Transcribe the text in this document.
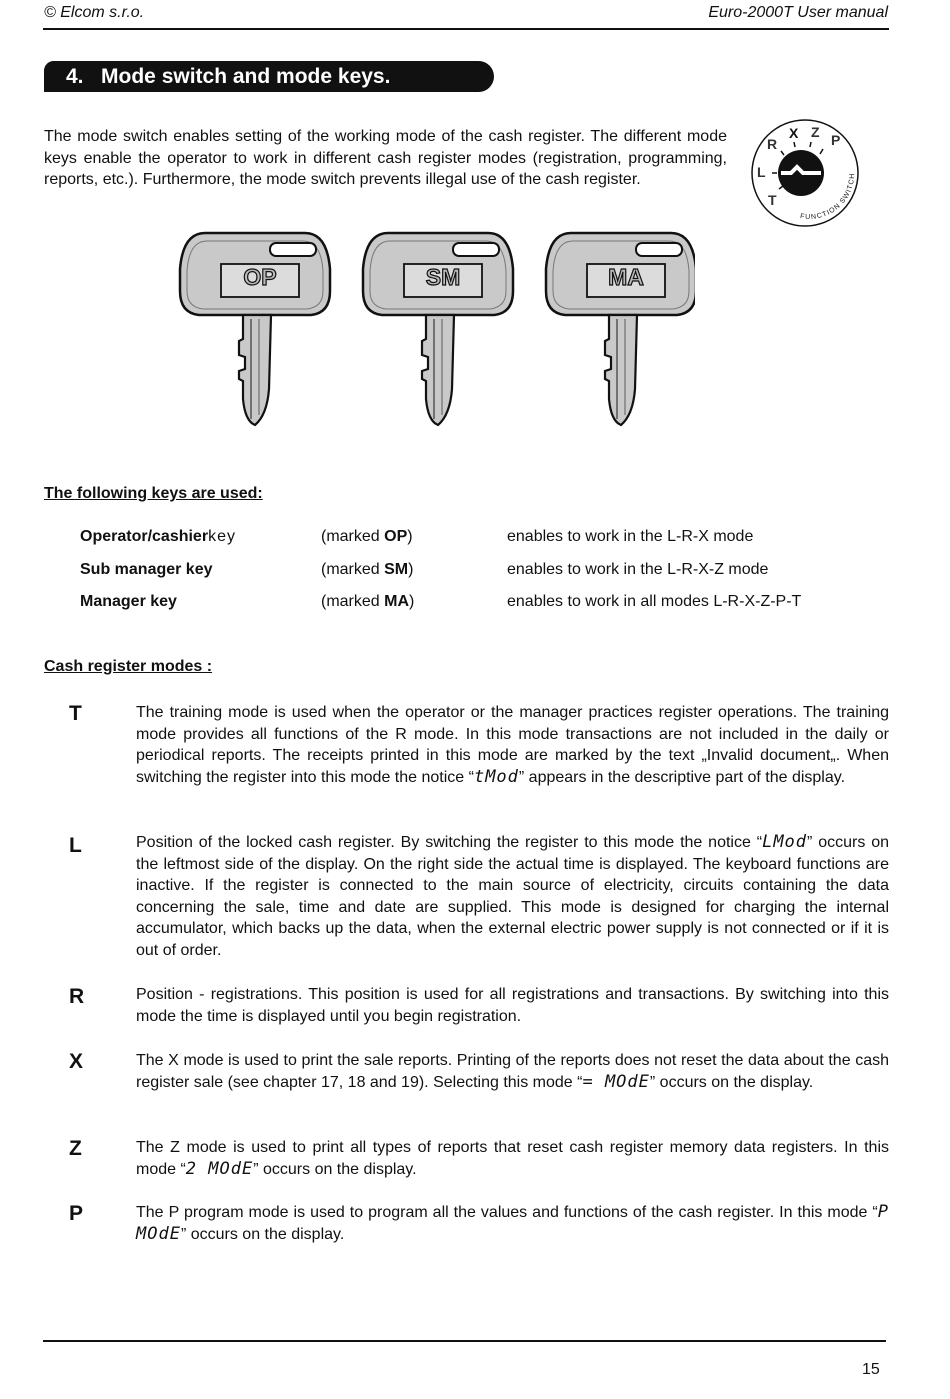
© Elcom s.r.o.	Euro-2000T User manual
4. Mode switch and mode keys.
The mode switch enables setting of the working mode of the cash register. The different mode keys enable the operator to work in different cash register modes (registration, programming, reports, etc.). Furthermore, the mode switch prevents illegal use of the cash register.
R
X Z P
L
T
FUNCTION SWITCH
OP	SM	MA
The following keys are used:
Operator/cashierkey	(marked OP)	enables to work in the L-R-X mode
Sub manager key	(marked SM)	enables to work in the L-R-X-Z mode
Manager key	(marked MA)	enables to work in all modes L-R-X-Z-P-T
Cash register modes :
T	The training mode is used when the operator or the manager practices register operations. The training mode provides all functions of the R mode. In this mode transactions are not included in the daily or periodical reports. The receipts printed in this mode are marked by the text „Invalid document„. When switching the register into this mode the notice “tMod” appears in the descriptive part of the display.
L	Position of the locked cash register. By switching the register to this mode the notice “LMod” occurs on the leftmost side of the display. On the right side the actual time is displayed. The keyboard functions are inactive. If the register is connected to the main source of electricity, circuits containing the data concerning the sale, time and date are supplied. This mode is designed for charging the internal accumulator, which backs up the data, when the external electric power supply is not connected or if it is out of order.
R	Position - registrations. This position is used for all registrations and transactions. By switching into this mode the time is displayed until you begin registration.
X	The X mode is used to print the sale reports. Printing of the reports does not reset the data about the cash register sale (see chapter 17, 18 and 19). Selecting this mode “= MOdE” occurs on the display.
Z	The Z mode is used to print all types of reports that reset cash register memory data registers. In this mode “2 MOdE” occurs on the display.
P	The P program mode is used to program all the values and functions of the cash register. In this mode “P MOdE” occurs on the display.
15
